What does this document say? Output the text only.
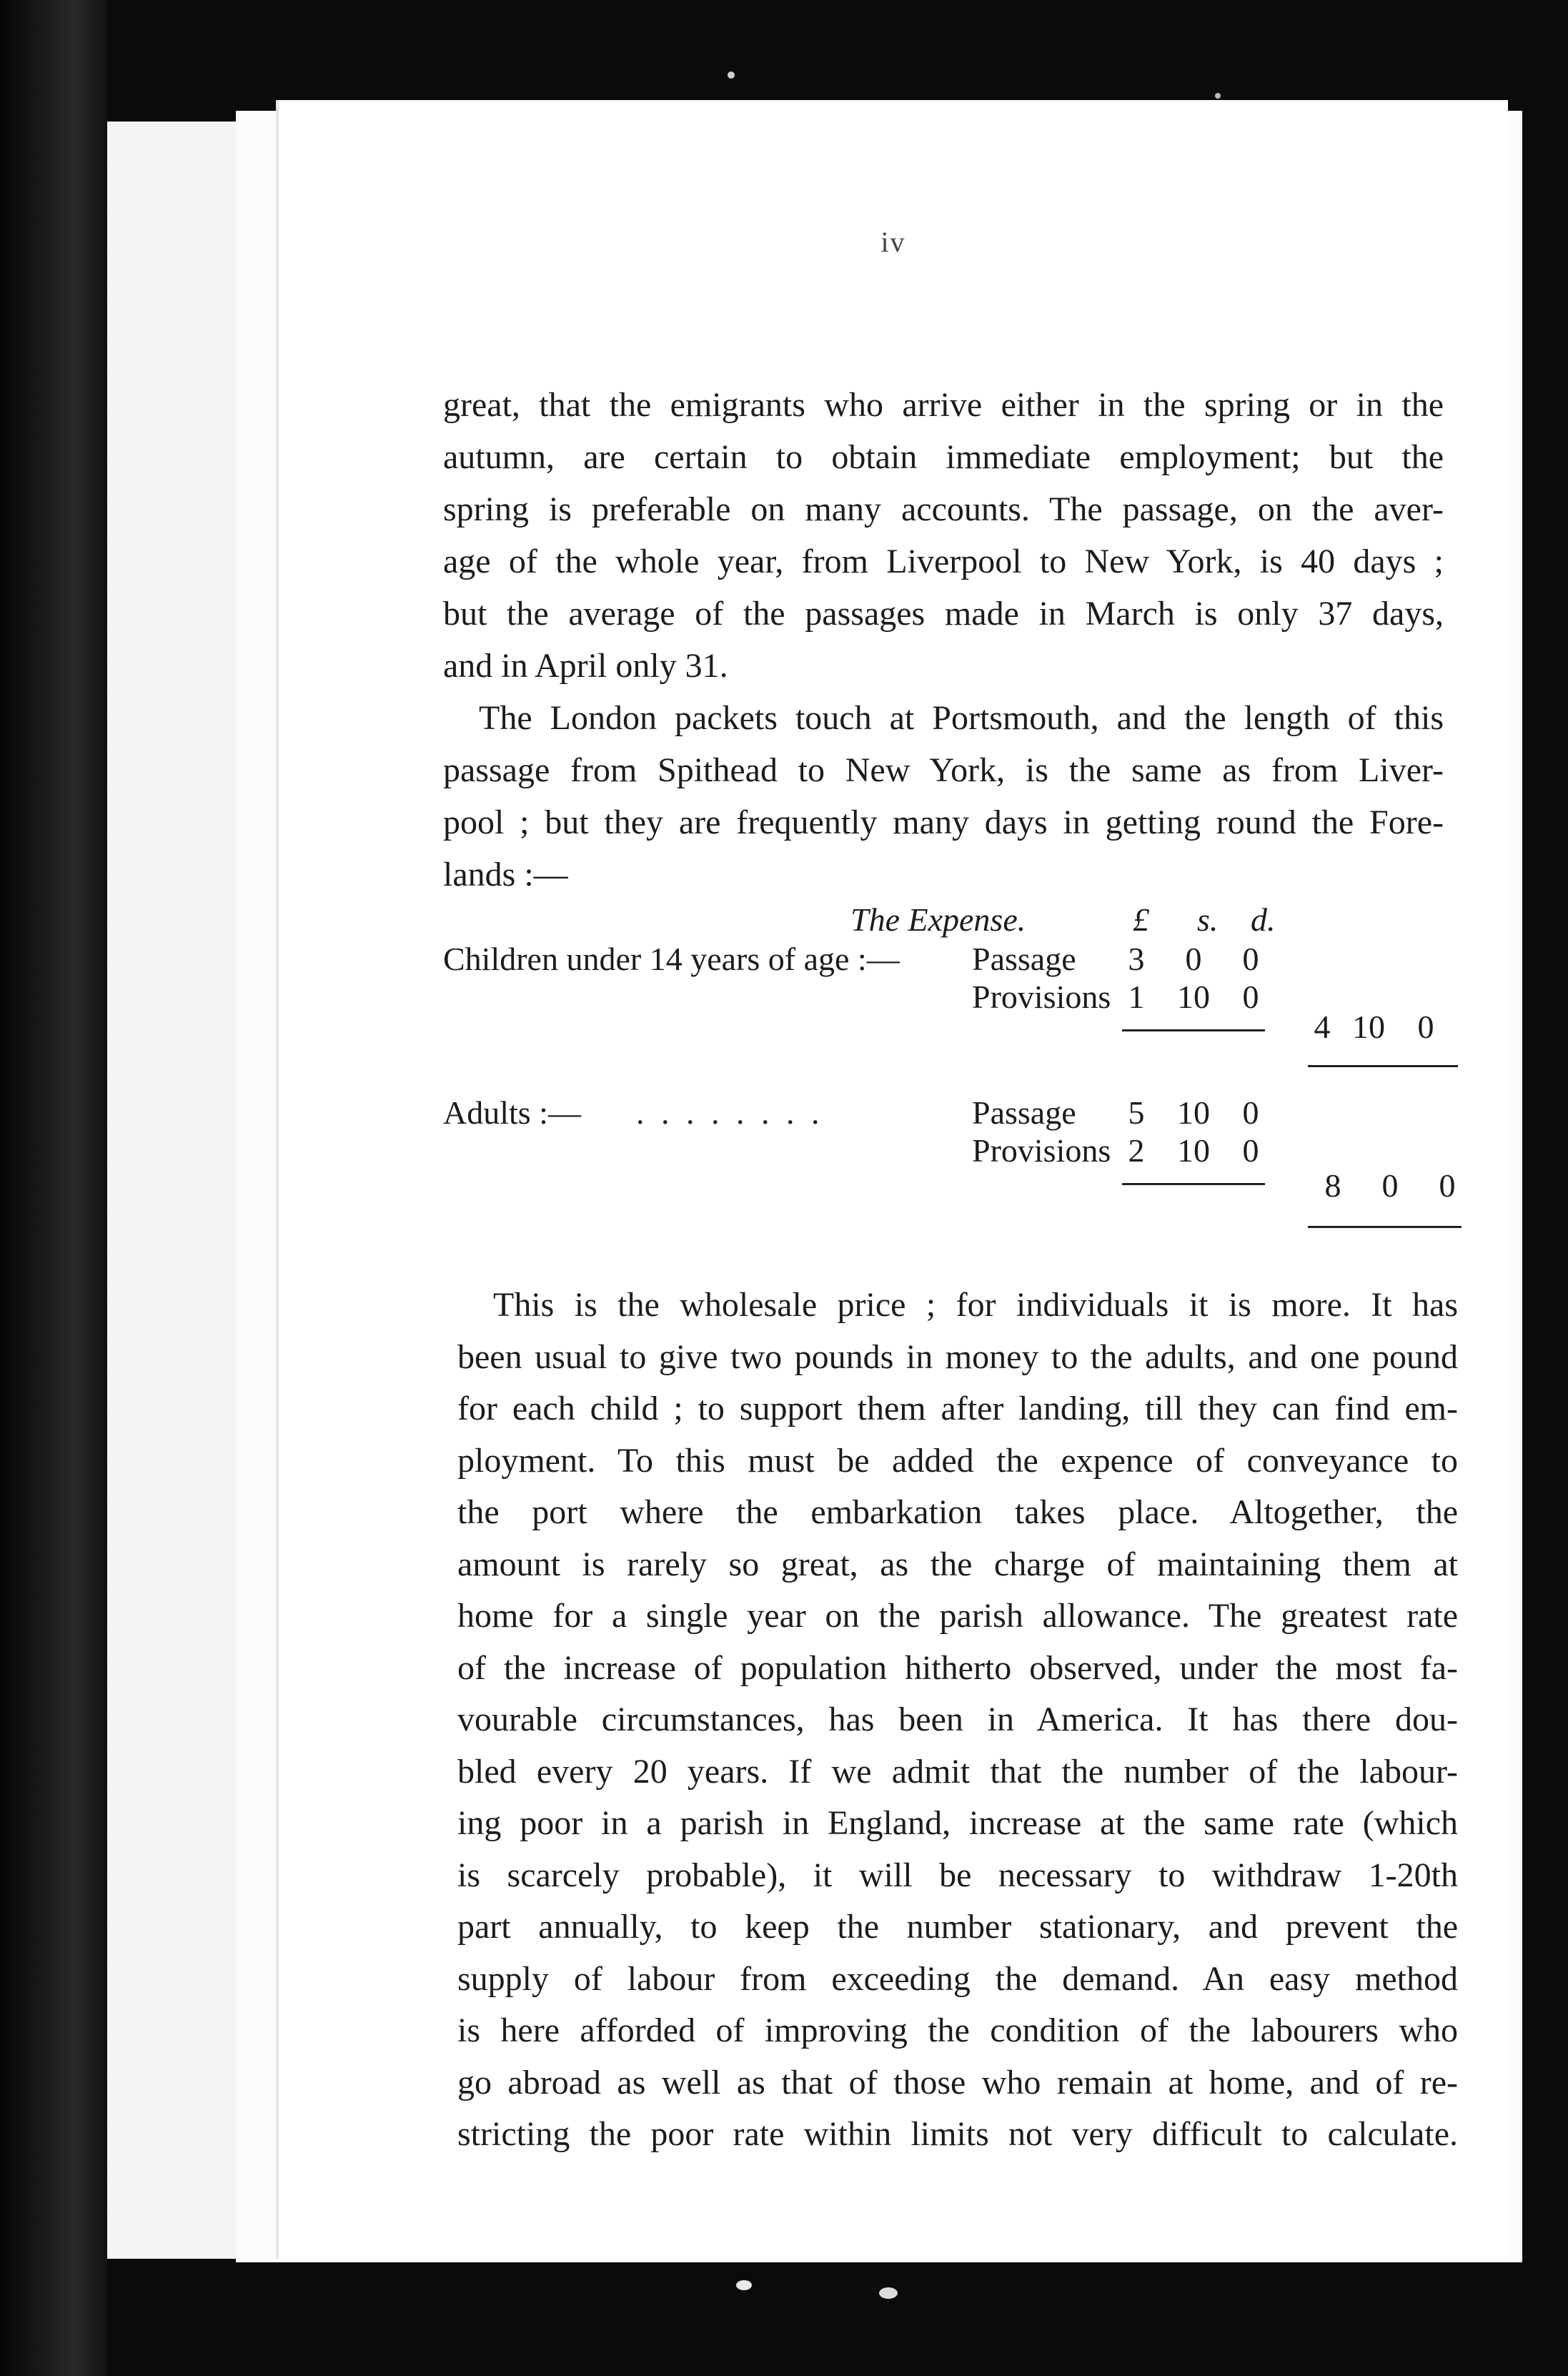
iv

great, that the emigrants who arrive either in the spring or in the
autumn, are certain to obtain immediate employment; but the
spring is preferable on many accounts. The passage, on the aver-
age of the whole year, from Liverpool to New York, is 40 days ;
but the average of the passages made in March is only 37 days,
and in April only 31.

The London packets touch at Portsmouth, and the length of this

passage from Spithead to New York, is the same as from Liver-
pool ; but they are frequently many days in getting round the Fore-
lands :—

The Expense.	£ s. d.
Children under 14 years of age :— Passage	3	0	0
Provisions 1 10 0
4 10 0
Adults :— . . . . . . . .	Passage	5 10 0
Provisions 2 10 0
8	0	0
This is the wholesale price ; for individuals it is more. It has
been usual to give two pounds in money to the adults, and one pound
for each child ; to support them after landing, till they can find em-
ployment. To this must be added the expence of conveyance to
the port where the embarkation takes place. Altogether, the
amount is rarely so great, as the charge of maintaining them at
home for a single year on the parish allowance. The greatest rate
of the increase of population hitherto observed, under the most fa-
vourable circumstances, has been in America. It has there dou-
bled every 20 years. If we admit that the number of the labour-
ing poor in a parish in England, increase at the same rate (which
is scarcely probable), it will be necessary to withdraw 1-20th
part annually, to keep the number stationary, and prevent the
supply of labour from exceeding the demand. An easy method
is here afforded of improving the condition of the labourers who
go abroad as well as that of those who remain at home, and of re-
stricting the poor rate within limits not very difficult to calculate.
